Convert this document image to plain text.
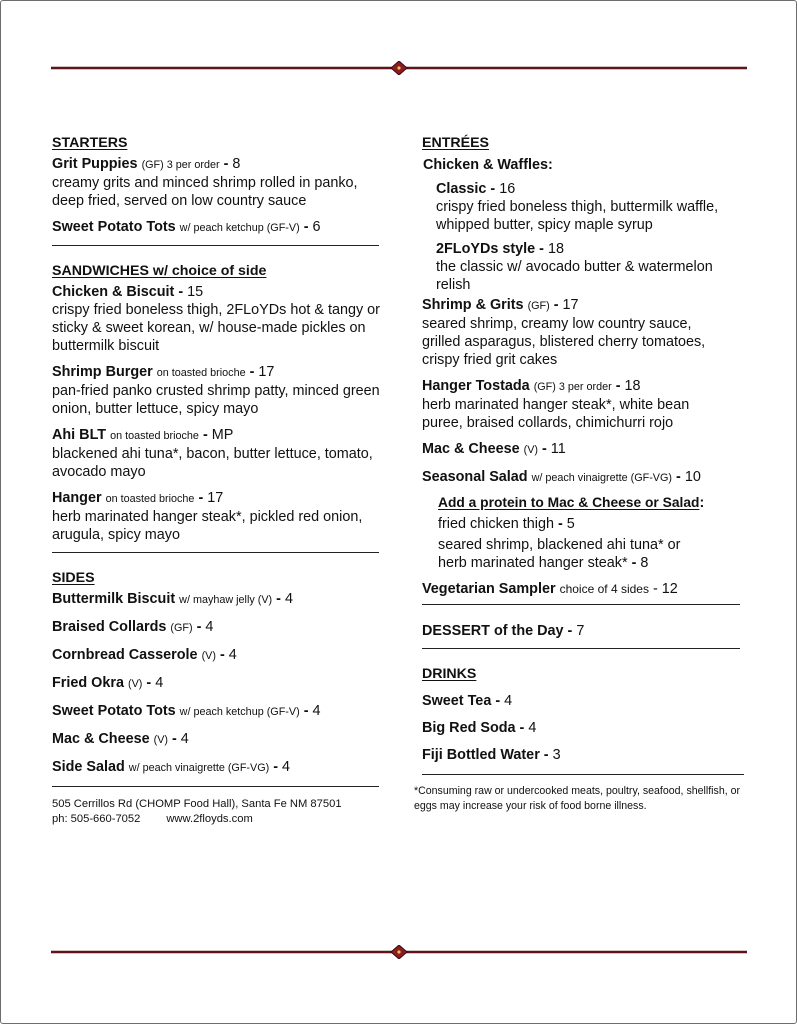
STARTERS
Grit Puppies (GF) 3 per order - 8
creamy grits and minced shrimp rolled in panko, deep fried, served on low country sauce
Sweet Potato Tots w/ peach ketchup (GF-V) - 6
SANDWICHES w/ choice of side
Chicken & Biscuit - 15
crispy fried boneless thigh, 2FLoYDs hot & tangy or sticky & sweet korean, w/ house-made pickles on buttermilk biscuit
Shrimp Burger on toasted brioche - 17
pan-fried panko crusted shrimp patty, minced green onion, butter lettuce, spicy mayo
Ahi BLT on toasted brioche - MP
blackened ahi tuna*, bacon, butter lettuce, tomato, avocado mayo
Hanger on toasted brioche - 17
herb marinated hanger steak*, pickled red onion, arugula, spicy mayo
SIDES
Buttermilk Biscuit w/ mayhaw jelly (V) - 4
Braised Collards (GF) - 4
Cornbread Casserole (V) - 4
Fried Okra (V) - 4
Sweet Potato Tots w/ peach ketchup (GF-V) - 4
Mac & Cheese (V) - 4
Side Salad w/ peach vinaigrette (GF-VG) - 4
505 Cerrillos Rd (CHOMP Food Hall), Santa Fe NM 87501
ph: 505-660-7052 www.2floyds.com
ENTRÉES
Chicken & Waffles:
Classic - 16
crispy fried boneless thigh, buttermilk waffle, whipped butter, spicy maple syrup
2FLoYDs style - 18
the classic w/ avocado butter & watermelon relish
Shrimp & Grits (GF) - 17
seared shrimp, creamy low country sauce, grilled asparagus, blistered cherry tomatoes, crispy fried grit cakes
Hanger Tostada (GF) 3 per order - 18
herb marinated hanger steak*, white bean puree, braised collards, chimichurri rojo
Mac & Cheese (V) - 11
Seasonal Salad w/ peach vinaigrette (GF-VG) - 10
Add a protein to Mac & Cheese or Salad:
fried chicken thigh - 5
seared shrimp, blackened ahi tuna* or herb marinated hanger steak* - 8
Vegetarian Sampler choice of 4 sides - 12
DESSERT of the Day - 7
DRINKS
Sweet Tea - 4
Big Red Soda - 4
Fiji Bottled Water - 3
*Consuming raw or undercooked meats, poultry, seafood, shellfish, or eggs may increase your risk of food borne illness.
